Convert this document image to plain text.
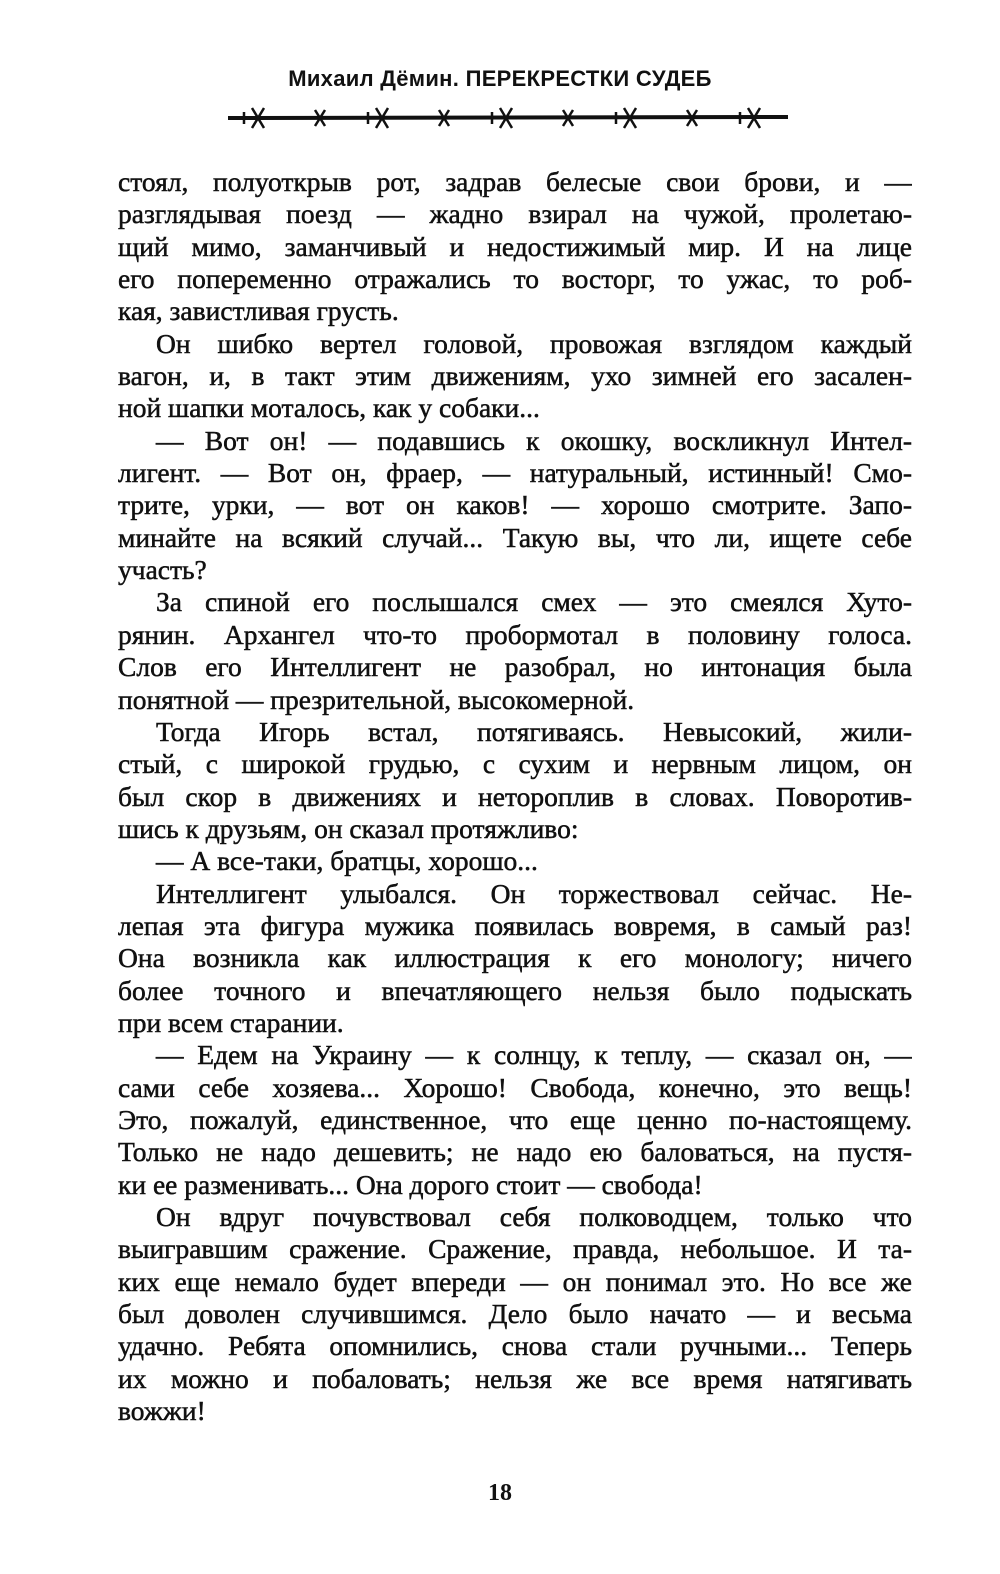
Михаил Дёмин. ПЕРЕКРЕСТКИ СУДЕБ
стоял, полуоткрыв рот, задрав белесые свои брови, и —
разглядывая поезд — жадно взирал на чужой, пролетаю-
щий мимо, заманчивый и недостижимый мир. И на лице
его попеременно отражались то восторг, то ужас, то роб-
кая, завистливая грусть.
Он шибко вертел головой, провожая взглядом каждый
вагон, и, в такт этим движениям, ухо зимней его засален-
ной шапки моталось, как у собаки...
— Вот он! — подавшись к окошку, воскликнул Интел-
лигент. — Вот он, фраер, — натуральный, истинный! Смо-
трите, урки, — вот он каков! — хорошо смотрите. Запо-
минайте на всякий случай... Такую вы, что ли, ищете себе
участь?
За спиной его послышался смех — это смеялся Хуто-
рянин. Архангел что-то пробормотал в половину голоса.
Слов его Интеллигент не разобрал, но интонация была
понятной — презрительной, высокомерной.
Тогда Игорь встал, потягиваясь. Невысокий, жили-
стый, с широкой грудью, с сухим и нервным лицом, он
был скор в движениях и нетороплив в словах. Поворотив-
шись к друзьям, он сказал протяжливо:
— А все-таки, братцы, хорошо...
Интеллигент улыбался. Он торжествовал сейчас. Не-
лепая эта фигура мужика появилась вовремя, в самый раз!
Она возникла как иллюстрация к его монологу; ничего
более точного и впечатляющего нельзя было подыскать
при всем старании.
— Едем на Украину — к солнцу, к теплу, — сказал он, —
сами себе хозяева... Хорошо! Свобода, конечно, это вещь!
Это, пожалуй, единственное, что еще ценно по-настоящему.
Только не надо дешевить; не надо ею баловаться, на пустя-
ки ее разменивать... Она дорого стоит — свобода!
Он вдруг почувствовал себя полководцем, только что
выигравшим сражение. Сражение, правда, небольшое. И та-
ких еще немало будет впереди — он понимал это. Но все же
был доволен случившимся. Дело было начато — и весьма
удачно. Ребята опомнились, снова стали ручными... Теперь
их можно и побаловать; нельзя же все время натягивать
вожжи!
18
